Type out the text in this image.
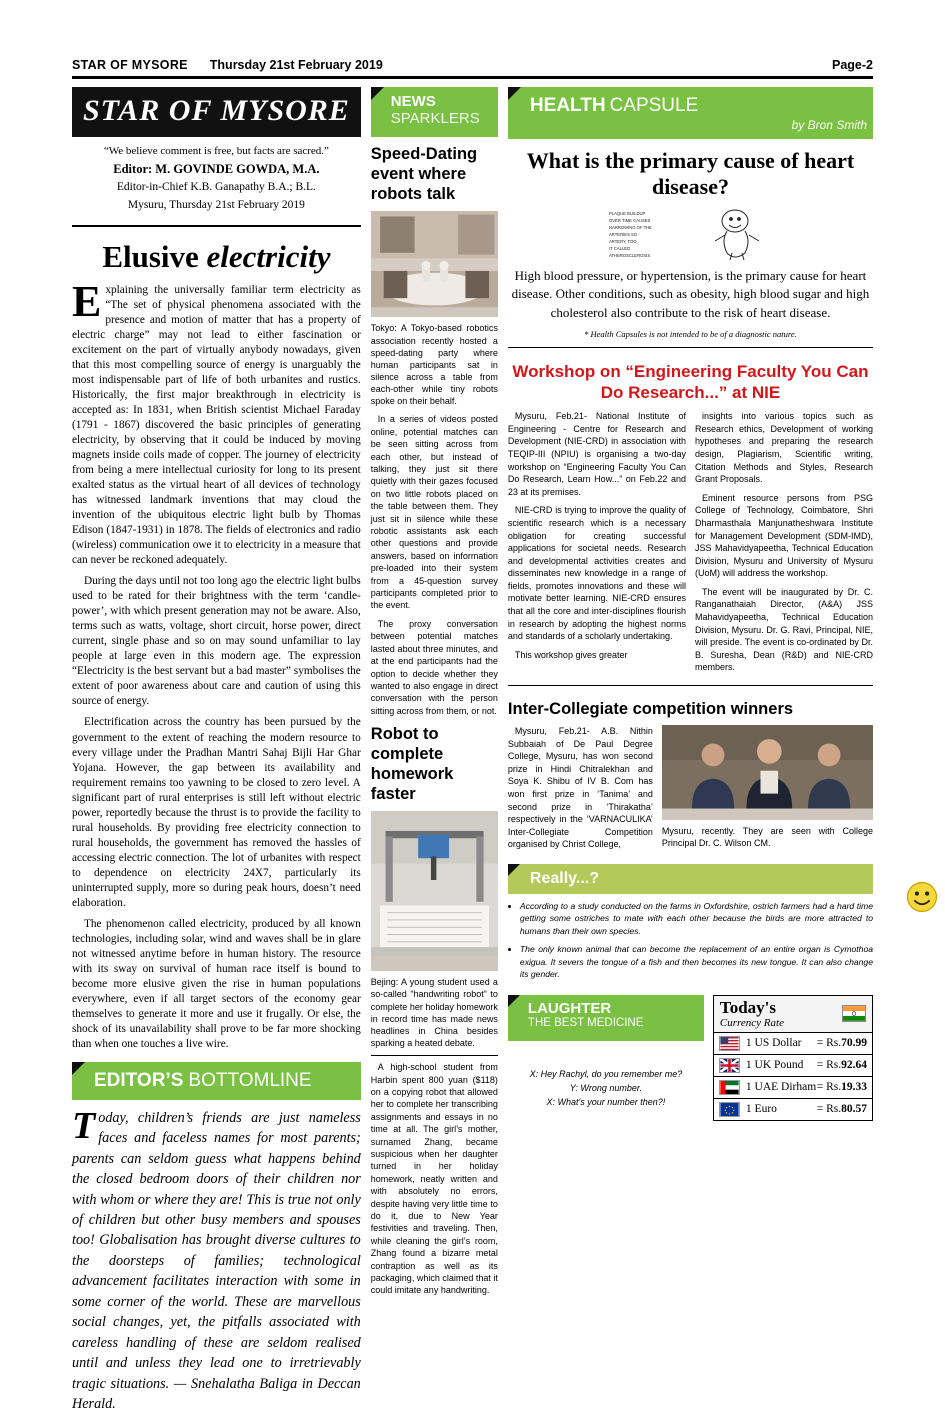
STAR OF MYSORE Thursday 21st February 2019	Page-2
STAR OF MYSORE
“We believe comment is free, but facts are sacred.”
Editor: M. GOVINDE GOWDA, M.A.
Editor-in-Chief K.B. Ganapathy B.A.; B.L.
Mysuru, Thursday 21st February 2019
Elusive electricity

Explaining the universally familiar term electricity as “The set of physical phenomena associated with the presence and motion of matter that has a property of electric charge” may not lead to either fascination or excitement on the part of virtually anybody nowadays, given that this most compelling source of energy is unarguably the most indispensable part of life of both urbanites and rustics. Historically, the first major breakthrough in electricity is accepted as: In 1831, when British scientist Michael Faraday (1791 - 1867) discovered the basic principles of generating electricity, by observing that it could be induced by moving magnets inside coils made of copper. The journey of electricity from being a mere intellectual curiosity for long to its present exalted status as the virtual heart of all devices of technology has witnessed landmark inventions that may cloud the invention of the ubiquitous electric light bulb by Thomas Edison (1847-1931) in 1878. The fields of electronics and radio (wireless) communication owe it to electricity in a measure that can never be reckoned adequately.

During the days until not too long ago the electric light bulbs used to be rated for their brightness with the term ‘candle-power’, with which present generation may not be aware. Also, terms such as watts, voltage, short circuit, horse power, direct current, single phase and so on may sound unfamiliar to lay people at large even in this modern age. The expression “Electricity is the best servant but a bad master” symbolises the extent of poor awareness about care and caution of using this source of energy.

Electrification across the country has been pursued by the government to the extent of reaching the modern resource to every village under the Pradhan Mantri Sahaj Bijli Har Ghar Yojana. However, the gap between its availability and requirement remains too yawning to be closed to zero level. A significant part of rural enterprises is still left without electric power, reportedly because the thrust is to provide the facility to rural households. By providing free electricity connection to rural households, the government has removed the hassles of accessing electric connection. The lot of urbanites with respect to dependence on electricity 24X7, particularly its uninterrupted supply, more so during peak hours, doesn’t need elaboration.

The phenomenon called electricity, produced by all known technologies, including solar, wind and waves shall be in glare not witnessed anytime before in human history. The resource with its sway on survival of human race itself is bound to become more elusive given the rise in human populations everywhere, even if all target sectors of the economy gear themselves to generate it more and use it frugally. Or else, the shock of its unavailability shall prove to be far more shocking than when one touches a live wire.

EDITOR’S BOTTOMLINE
Today, children’s friends are just nameless faces and faceless names for most parents; parents can seldom guess what happens behind the closed bedroom doors of their children nor with whom or where they are! This is true not only of children but other busy members and spouses too! Globalisation has brought diverse cultures to the doorsteps of families; technological advancement facilitates interaction with some in some corner of the world. These are marvellous social changes, yet, the pitfalls associated with careless handling of these are seldom realised until and unless they lead one to irretrievably tragic situations. — Snehalatha Baliga in Deccan Herald.
NEWS
SPARKLERS
Speed-Dating event where robots talk
Tokyo: A Tokyo-based robotics association recently hosted a speed-dating party where human participants sat in silence across a table from each-other while tiny robots spoke on their behalf.

In a series of videos posted online, potential matches can be seen sitting across from each other, but instead of talking, they just sit there quietly with their gazes focused on two little robots placed on the table between them. They just sit in silence while these robotic assistants ask each other questions and provide answers, based on information pre-loaded into their system from a 45-question survey participants completed prior to the event.

The proxy conversation between potential matches lasted about three minutes, and at the end participants had the option to decide whether they wanted to also engage in direct conversation with the person sitting across from them, or not.

Robot to complete homework faster
Bejing: A young student used a so-called “handwriting robot” to complete her holiday homework in record time has made news headlines in China besides sparking a heated debate.

A high-school student from Harbin spent 800 yuan ($118) on a copying robot that allowed her to complete her transcribing assignments and essays in no time at all. The girl’s mother, surnamed Zhang, became suspicious when her daughter turned in her holiday homework, neatly written and with absolutely no errors, despite having very little time to do it, due to New Year festivities and traveling. Then, while cleaning the girl’s room, Zhang found a bizarre metal contraption as well as its packaging, which claimed that it could imitate any handwriting.

HEALTH CAPSULE
by Bron Smith
What is the primary cause of heart disease?
PLAQUE BUILDUP
OVER TIME CAUSES
NARROWING OF THE
ARTERIES SO
ARTERY, TOO,
IT CALLED
ATHEROSCLEROSIS
High blood pressure, or hypertension, is the primary cause for heart disease. Other conditions, such as obesity, high blood sugar and high cholesterol also contribute to the risk of heart disease.
* Health Capsules is not intended to be of a diagnostic nature.
Workshop on “Engineering Faculty You Can Do Research...” at NIE

Mysuru, Feb.21- National Institute of Engineering - Centre for Research and Development (NIE-CRD) in association with TEQIP-III (NPIU) is organising a two-day workshop on “Engineering Faculty You Can Do Research, Learn How...” on Feb.22 and 23 at its premises.

NIE-CRD is trying to improve the quality of scientific research which is a necessary obligation for creating successful applications for societal needs. Research and developmental activities creates and disseminates new knowledge in a range of fields, promotes innovations and these will motivate better learning. NIE-CRD ensures that all the core and inter-disciplines flourish in research by adopting the highest norms and standards of a scholarly undertaking.

This workshop gives greater

insights into various topics such as Research ethics, Development of working hypotheses and preparing the research design, Plagiarism, Scientific writing, Citation Methods and Styles, Research Grant Proposals.

Eminent resource persons from PSG College of Technology, Coimbatore, Shri Dharmasthala Manjunatheshwara Institute for Management Development (SDM-IMD), JSS Mahavidyapeetha, Technical Education Division, Mysuru and University of Mysuru (UoM) will address the workshop.

The event will be inaugurated by Dr. C. Ranganathaiah Director, (A&A) JSS Mahavidyapeetha, Technical Education Division, Mysuru. Dr. G. Ravi, Principal, NIE, will preside. The event is co-ordinated by Dr. B. Suresha, Dean (R&D) and NIE-CRD members.

Inter-Collegiate competition winners

Mysuru, Feb.21- A.B. Nithin Subbaiah of De Paul Degree College, Mysuru, has won second prize in Hindi Chitralekhan and Soya K. Shibu of IV B. Com has won first prize in ‘Tanima’ and second prize in ‘Thirakatha’ respectively in the ‘VARNACULIKA’ Inter-Collegiate Competition organised by Christ College,

Mysuru, recently. They are seen with College Principal Dr. C. Wilson CM.
Really...?
• According to a study conducted on the farms in Oxfordshire, ostrich farmers had a hard time getting some ostriches to mate with each other because the birds are more attracted to humans than their own species.
• The only known animal that can become the replacement of an entire organ is Cymothoa exigua. It severs the tongue of a fish and then becomes its new tongue. It can also change its gender.
LAUGHTER
THE BEST MEDICINE
X: Hey Rachyl, do you remember me?
Y: Wrong number.
X: What's your number then?!
Today's
Currency Rate
1 US Dollar	= Rs.70.99
1 UK Pound	= Rs.92.64
1 UAE Dirham = Rs.19.33
1 Euro	= Rs.80.57
